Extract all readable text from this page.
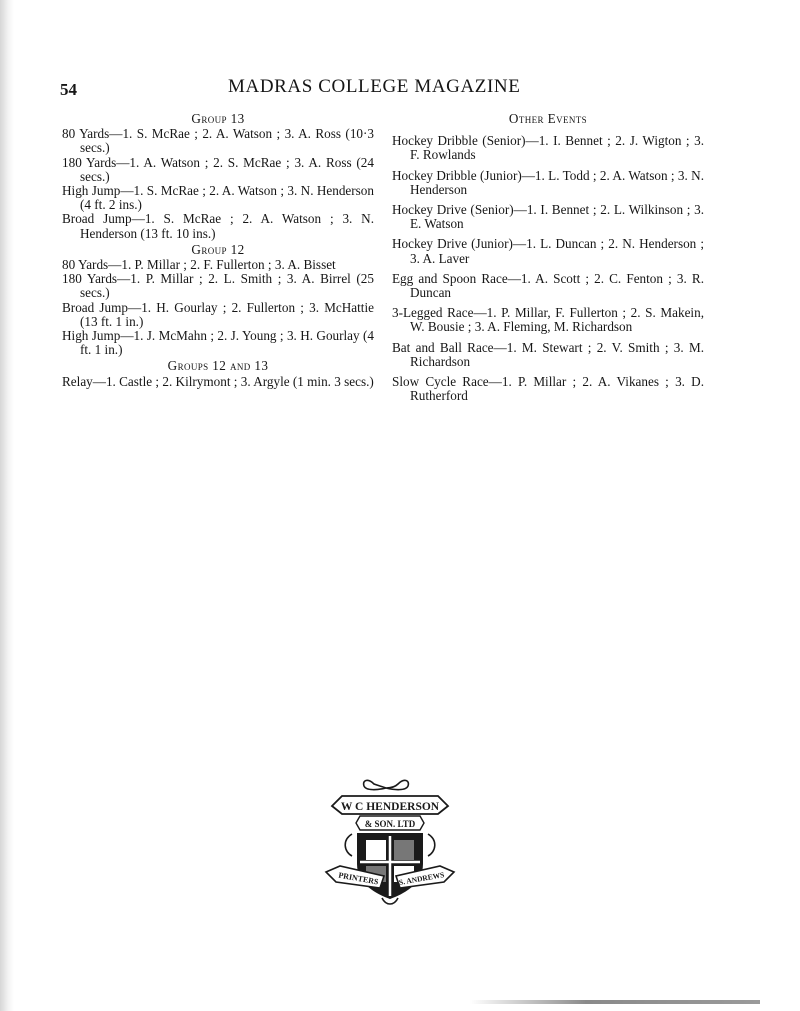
54	MADRAS COLLEGE MAGAZINE
Group 13

80 Yards—1. S. McRae ; 2. A. Watson ; 3. A. Ross (10·3 secs.)

180 Yards—1. A. Watson ; 2. S. McRae ; 3. A. Ross (24 secs.)

High Jump—1. S. McRae ; 2. A. Watson ; 3. N. Henderson (4 ft. 2 ins.)

Broad Jump—1. S. McRae ; 2. A. Watson ; 3. N. Henderson (13 ft. 10 ins.)

Group 12

80 Yards—1. P. Millar ; 2. F. Fullerton ; 3. A. Bisset

180 Yards—1. P. Millar ; 2. L. Smith ; 3. A. Birrel (25 secs.)

Broad Jump—1. H. Gourlay ; 2. Fullerton ; 3. McHattie (13 ft. 1 in.)

High Jump—1. J. McMahn ; 2. J. Young ; 3. H. Gourlay (4 ft. 1 in.)

Groups 12 and 13

Relay—1. Castle ; 2. Kilrymont ; 3. Argyle (1 min. 3 secs.)

Other Events

Hockey Dribble (Senior)—1. I. Bennet ; 2. J. Wigton ; 3. F. Rowlands

Hockey Dribble (Junior)—1. L. Todd ; 2. A. Watson ; 3. N. Henderson

Hockey Drive (Senior)—1. I. Bennet ; 2. L. Wilkinson ; 3. E. Watson

Hockey Drive (Junior)—1. L. Duncan ; 2. N. Henderson ; 3. A. Laver

Egg and Spoon Race—1. A. Scott ; 2. C. Fenton ; 3. R. Duncan

3-Legged Race—1. P. Millar, F. Fullerton ; 2. S. Makein, W. Bousie ; 3. A. Fleming, M. Richardson

Bat and Ball Race—1. M. Stewart ; 2. V. Smith ; 3. M. Richardson

Slow Cycle Race—1. P. Millar ; 2. A. Vikanes ; 3. D. Rutherford

W C HENDERSON
& SON. LTD
PRINTERS	S. ANDREWS
